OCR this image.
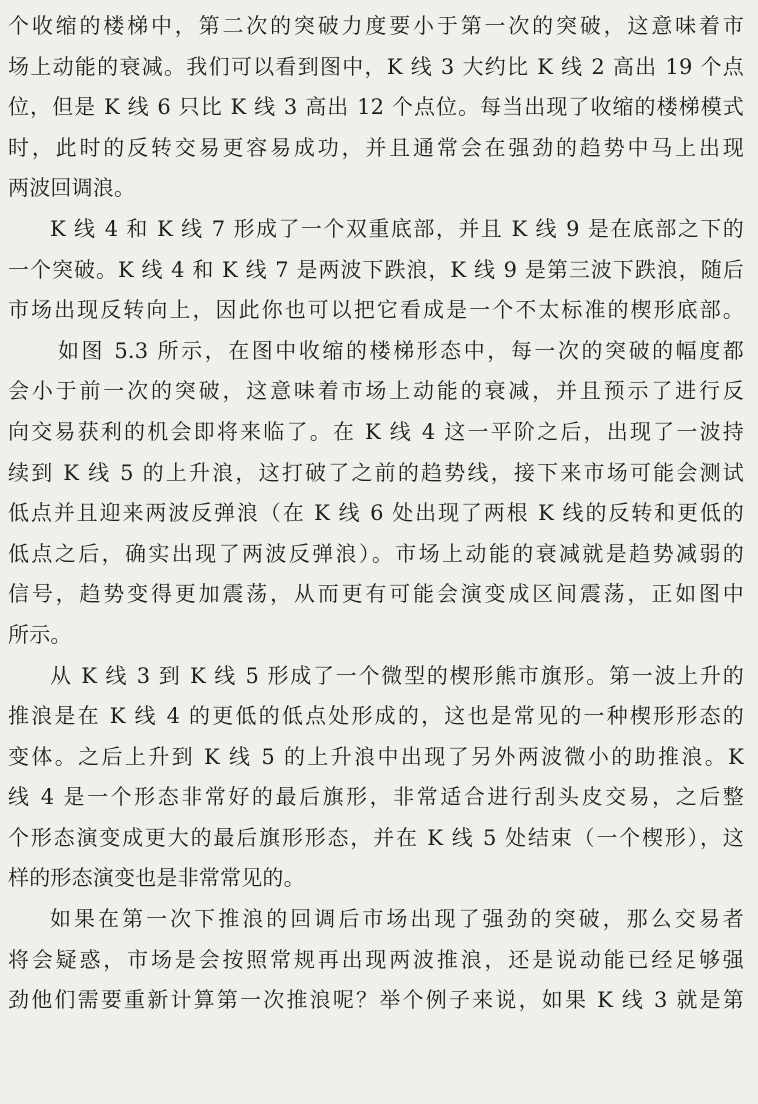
个收缩的楼梯中，第二次的突破力度要小于第一次的突破，这意味着市
场上动能的衰减。我们可以看到图中，K 线 3 大约比 K 线 2 高出 19 个点
位，但是 K 线 6 只比 K 线 3 高出 12 个点位。每当出现了收缩的楼梯模式
时，此时的反转交易更容易成功，并且通常会在强劲的趋势中马上出现
两波回调浪。
K 线 4 和 K 线 7 形成了一个双重底部，并且 K 线 9 是在底部之下的
一个突破。K 线 4 和 K 线 7 是两波下跌浪，K 线 9 是第三波下跌浪，随后
市场出现反转向上，因此你也可以把它看成是一个不太标准的楔形底部。
如图 5.3 所示，在图中收缩的楼梯形态中，每一次的突破的幅度都
会小于前一次的突破，这意味着市场上动能的衰减，并且预示了进行反
向交易获利的机会即将来临了。在 K 线 4 这一平阶之后，出现了一波持
续到 K 线 5 的上升浪，这打破了之前的趋势线，接下来市场可能会测试
低点并且迎来两波反弹浪（在 K 线 6 处出现了两根 K 线的反转和更低的
低点之后，确实出现了两波反弹浪）。市场上动能的衰减就是趋势减弱的
信号，趋势变得更加震荡，从而更有可能会演变成区间震荡，正如图中
所示。
从 K 线 3 到 K 线 5 形成了一个微型的楔形熊市旗形。第一波上升的
推浪是在 K 线 4 的更低的低点处形成的，这也是常见的一种楔形形态的
变体。之后上升到 K 线 5 的上升浪中出现了另外两波微小的助推浪。K
线 4 是一个形态非常好的最后旗形，非常适合进行刮头皮交易，之后整
个形态演变成更大的最后旗形形态，并在 K 线 5 处结束（一个楔形），这
样的形态演变也是非常常见的。
如果在第一次下推浪的回调后市场出现了强劲的突破，那么交易者
将会疑惑，市场是会按照常规再出现两波推浪，还是说动能已经足够强
劲他们需要重新计算第一次推浪呢？举个例子来说，如果 K 线 3 就是第
